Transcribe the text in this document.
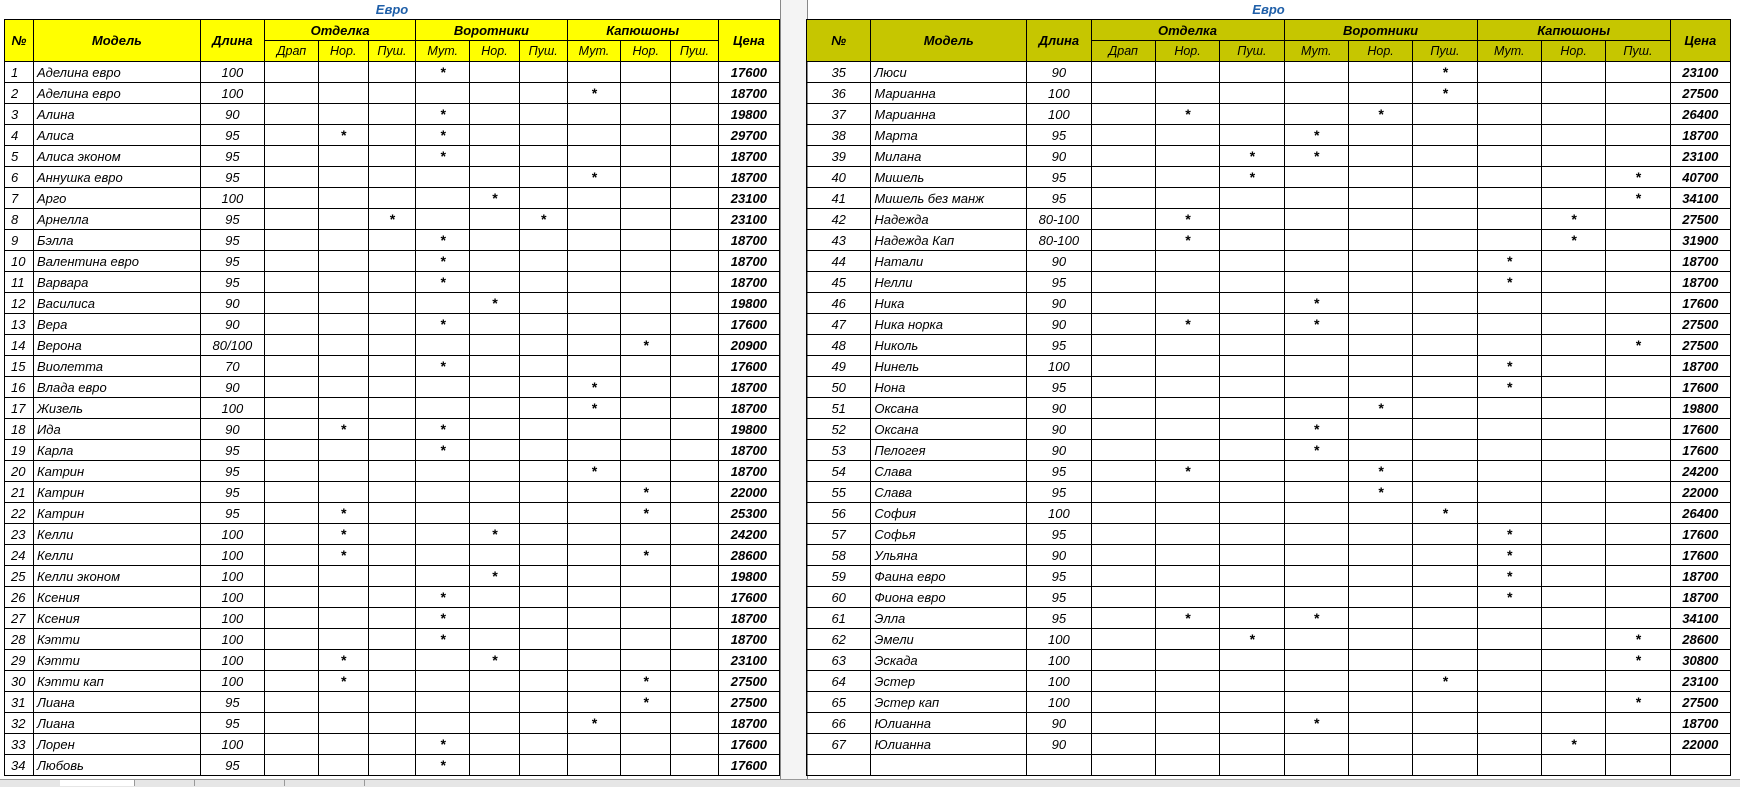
Евро
№	Модель	Длина	Отделка			Воротники			Капюшоны			Цена
			Драп	Нор.	Пуш.	Мут.	Нор.	Пуш.	Мут.	Нор.	Пуш.	
1	Аделина евро	100				*						17600
2	Аделина евро	100							*			18700
3	Алина	90				*						19800
4	Алиса	95		*		*						29700
5	Алиса эконом	95				*						18700
6	Аннушка евро	95							*			18700
7	Арго	100					*					23100
8	Арнелла	95			*			*				23100
9	Бэлла	95				*						18700
10	Валентина евро	95				*						18700
11	Варвара	95				*						18700
12	Василиса	90					*					19800
13	Вера	90				*						17600
14	Верона	80/100								*		20900
15	Виолетта	70				*						17600
16	Влада евро	90							*			18700
17	Жизель	100							*			18700
18	Ида	90		*		*						19800
19	Карла	95				*						18700
20	Катрин	95							*			18700
21	Катрин	95								*		22000
22	Катрин	95		*						*		25300
23	Келли	100		*			*					24200
24	Келли	100		*						*		28600
25	Келли эконом	100					*					19800
26	Ксения	100				*						17600
27	Ксения	100				*						18700
28	Кэтти	100				*						18700
29	Кэтти	100		*			*					23100
30	Кэтти кап	100		*						*		27500
31	Лиана	95								*		27500
32	Лиана	95							*			18700
33	Лорен	100				*						17600
34	Любовь	95				*						17600
Евро
№	Модель	Длина	Отделка			Воротники			Капюшоны			Цена
			Драп	Нор.	Пуш.	Мут.	Нор.	Пуш.	Мут.	Нор.	Пуш.	
35	Люси	90						*				23100
36	Марианна	100						*				27500
37	Марианна	100		*			*					26400
38	Марта	95				*						18700
39	Милана	90			*	*						23100
40	Мишель	95			*						*	40700
41	Мишель без манж	95									*	34100
42	Надежда	80-100		*						*		27500
43	Надежда Кап	80-100		*						*		31900
44	Натали	90							*			18700
45	Нелли	95							*			18700
46	Ника	90				*						17600
47	Ника норка	90		*		*						27500
48	Николь	95									*	27500
49	Нинель	100							*			18700
50	Нона	95							*			17600
51	Оксана	90					*					19800
52	Оксана	90				*						17600
53	Пелогея	90				*						17600
54	Слава	95		*			*					24200
55	Слава	95					*					22000
56	София	100						*				26400
57	Софья	95							*			17600
58	Ульяна	90							*			17600
59	Фаина евро	95							*			18700
60	Фиона евро	95							*			18700
61	Элла	95		*		*						34100
62	Эмели	100			*						*	28600
63	Эскада	100									*	30800
64	Эстер	100						*				23100
65	Эстер кап	100									*	27500
66	Юлианна	90				*						18700
67	Юлианна	90								*		22000
